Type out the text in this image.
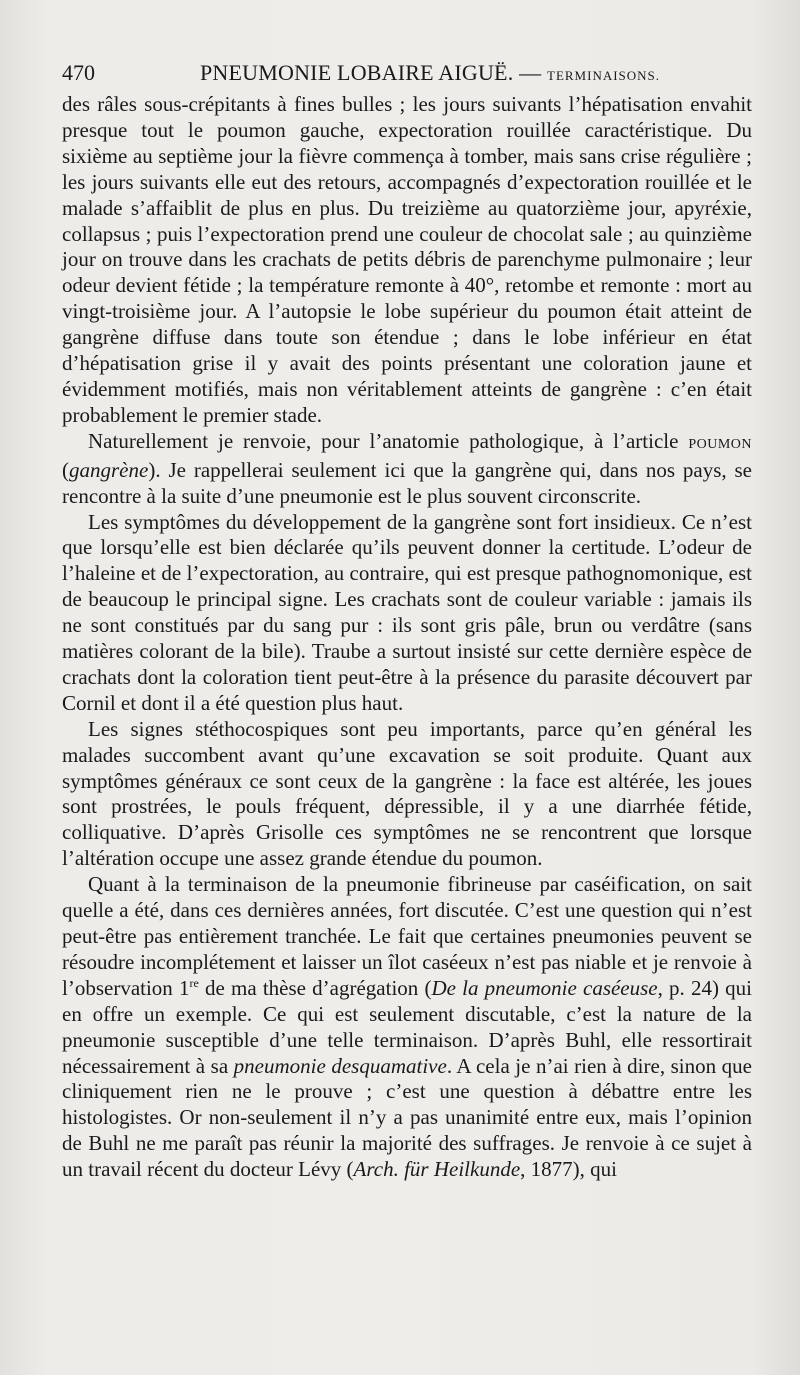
470	PNEUMONIE LOBAIRE AIGUË. — TERMINAISONS.

des râles sous-crépitants à fines bulles ; les jours suivants l’hépatisation envahit presque tout le poumon gauche, expectoration rouillée caractéristique. Du sixième au septième jour la fièvre commença à tomber, mais sans crise régulière ; les jours suivants elle eut des retours, accompagnés d’expectoration rouillée et le malade s’affaiblit de plus en plus. Du treizième au quatorzième jour, apyréxie, collapsus ; puis l’expectoration prend une couleur de chocolat sale ; au quinzième jour on trouve dans les crachats de petits débris de parenchyme pulmonaire ; leur odeur devient fétide ; la température remonte à 40°, retombe et remonte : mort au vingt-troisième jour. A l’autopsie le lobe supérieur du poumon était atteint de gangrène diffuse dans toute son étendue ; dans le lobe inférieur en état d’hépatisation grise il y avait des points présentant une coloration jaune et évidemment motifiés, mais non véritablement atteints de gangrène : c’en était probablement le premier stade.

Naturellement je renvoie, pour l’anatomie pathologique, à l’article POUMON (gangrène). Je rappellerai seulement ici que la gangrène qui, dans nos pays, se rencontre à la suite d’une pneumonie est le plus souvent circonscrite.

Les symptômes du développement de la gangrène sont fort insidieux. Ce n’est que lorsqu’elle est bien déclarée qu’ils peuvent donner la certitude. L’odeur de l’haleine et de l’expectoration, au contraire, qui est presque pathognomonique, est de beaucoup le principal signe. Les crachats sont de couleur variable : jamais ils ne sont constitués par du sang pur : ils sont gris pâle, brun ou verdâtre (sans matières colorant de la bile). Traube a surtout insisté sur cette dernière espèce de crachats dont la coloration tient peut-être à la présence du parasite découvert par Cornil et dont il a été question plus haut.

Les signes stéthocospiques sont peu importants, parce qu’en général les malades succombent avant qu’une excavation se soit produite. Quant aux symptômes généraux ce sont ceux de la gangrène : la face est altérée, les joues sont prostrées, le pouls fréquent, dépressible, il y a une diarrhée fétide, colliquative. D’après Grisolle ces symptômes ne se rencontrent que lorsque l’altération occupe une assez grande étendue du poumon.

Quant à la terminaison de la pneumonie fibrineuse par caséification, on sait quelle a été, dans ces dernières années, fort discutée. C’est une question qui n’est peut-être pas entièrement tranchée. Le fait que certaines pneumonies peuvent se résoudre incomplétement et laisser un îlot caséeux n’est pas niable et je renvoie à l’observation 1re de ma thèse d’agrégation (De la pneumonie caséeuse, p. 24) qui en offre un exemple. Ce qui est seulement discutable, c’est la nature de la pneumonie susceptible d’une telle terminaison. D’après Buhl, elle ressortirait nécessairement à sa pneumonie desquamative. A cela je n’ai rien à dire, sinon que cliniquement rien ne le prouve ; c’est une question à débattre entre les histologistes. Or non-seulement il n’y a pas unanimité entre eux, mais l’opinion de Buhl ne me paraît pas réunir la majorité des suffrages. Je renvoie à ce sujet à un travail récent du docteur Lévy (Arch. für Heilkunde, 1877), qui
